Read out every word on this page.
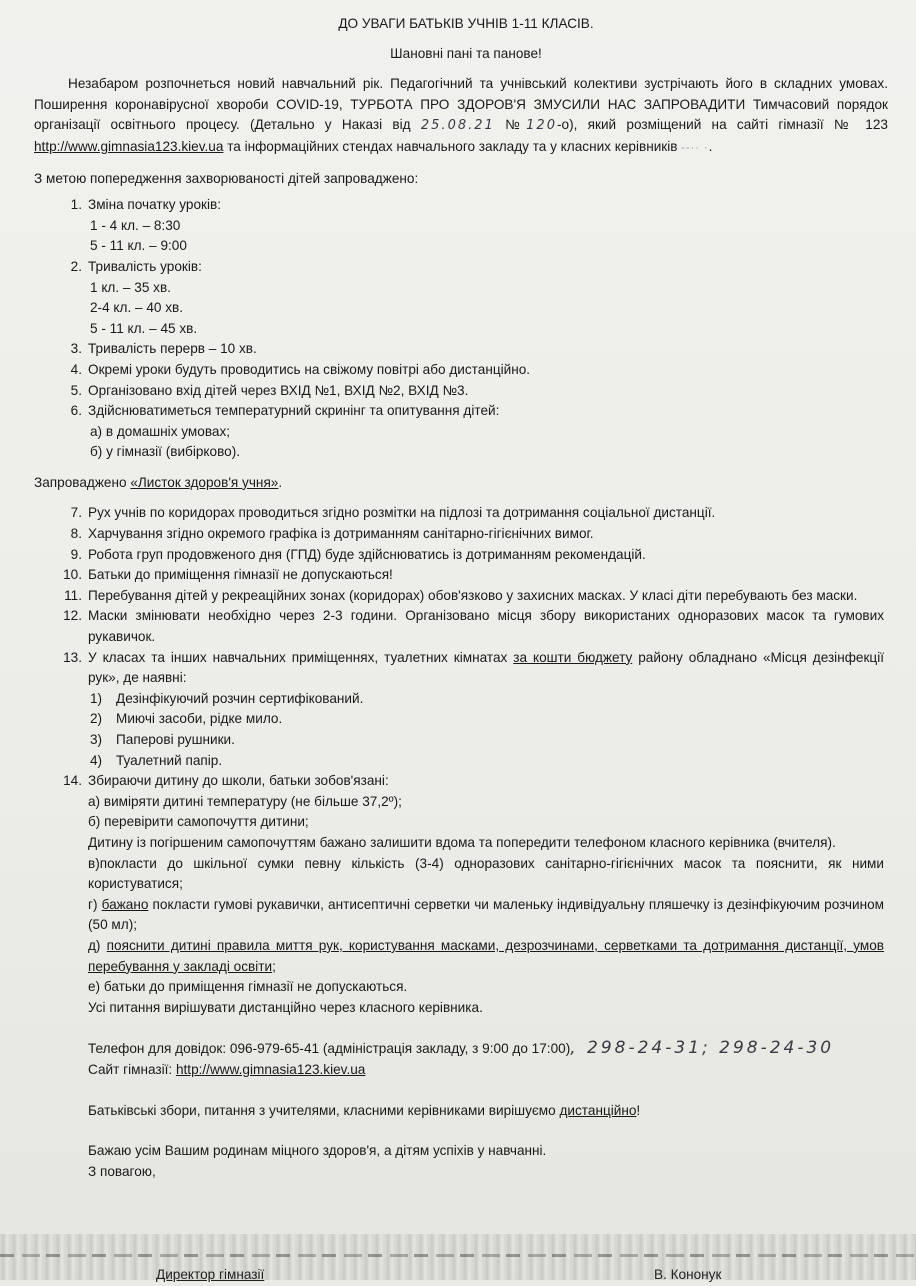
ДО УВАГИ БАТЬКІВ УЧНІВ 1-11 КЛАСІВ.

Шановні пані та панове!

Незабаром розпочнеться новий навчальний рік. Педагогічний та учнівський колективи зустрічають його в складних умовах. Поширення коронавірусної хвороби COVID-19, ТУРБОТА ПРО ЗДОРОВ'Я ЗМУСИЛИ НАС ЗАПРОВАДИТИ Тимчасовий порядок організації освітнього процесу. (Детально у Наказі від 25.08.21 №120-о), який розміщений на сайті гімназії № 123 http://www.gimnasia123.kiev.ua та інформаційних стендах навчального закладу та у класних керівників --·· ·.

З метою попередження захворюваності дітей запроваджено:

1. Зміна початку уроків:
1 - 4 кл. – 8:30
5 - 11 кл. – 9:00
2. Тривалість уроків:
1 кл. – 35 хв.
2-4 кл. – 40 хв.
5 - 11 кл. – 45 хв.
3. Тривалість перерв – 10 хв.
4. Окремі уроки будуть проводитись на свіжому повітрі або дистанційно.
5. Організовано вхід дітей через ВХІД №1, ВХІД №2, ВХІД №3.
6. Здійснюватиметься температурний скринінг та опитування дітей:
а) в домашніх умовах;
б) у гімназії (вибірково).

Запроваджено «Листок здоров'я учня».

7. Рух учнів по коридорах проводиться згідно розмітки на підлозі та дотримання соціальної дистанції.
8. Харчування згідно окремого графіка із дотриманням санітарно-гігієнічних вимог.
9. Робота груп продовженого дня (ГПД) буде здійснюватись із дотриманням рекомендацій.
10. Батьки до приміщення гімназії не допускаються!
11. Перебування дітей у рекреаційних зонах (коридорах) обов'язково у захисних масках. У класі діти перебувають без маски.
12. Маски змінювати необхідно через 2-3 години. Організовано місця збору використаних одноразових масок та гумових рукавичок.
13. У класах та інших навчальних приміщеннях, туалетних кімнатах за кошти бюджету району обладнано «Місця дезінфекції рук», де наявні:
1) Дезінфікуючий розчин сертифікований.
2) Миючі засоби, рідке мило.
3) Паперові рушники.
4) Туалетний папір.
14. Збираючи дитину до школи, батьки зобов'язані:

а) виміряти дитині температуру (не більше 37,2º);

б) перевірити самопочуття дитини;

Дитину із погіршеним самопочуттям бажано залишити вдома та попередити телефоном класного керівника (вчителя).

в)покласти до шкільної сумки певну кількість (3-4) одноразових санітарно-гігієнічних масок та пояснити, як ними користуватися;

г) бажано покласти гумові рукавички, антисептичні серветки чи маленьку індивідуальну пляшечку із дезінфікуючим розчином (50 мл);

д) пояснити дитині правила миття рук, користування масками, дезрозчинами, серветками та дотримання дистанції, умов перебування у закладі освіти;

е) батьки до приміщення гімназії не допускаються.

Усі питання вирішувати дистанційно через класного керівника.

Телефон для довідок: 096-979-65-41 (адміністрація закладу, з 9:00 до 17:00), 298-24-31; 298-24-30

Сайт гімназії: http://www.gimnasia123.kiev.ua

Батьківські збори, питання з учителями, класними керівниками вирішуємо дистанційно!

Бажаю усім Вашим родинам міцного здоров'я, а дітям успіхів у навчанні.

З повагою,

Директор гімназії	В. Кононук
